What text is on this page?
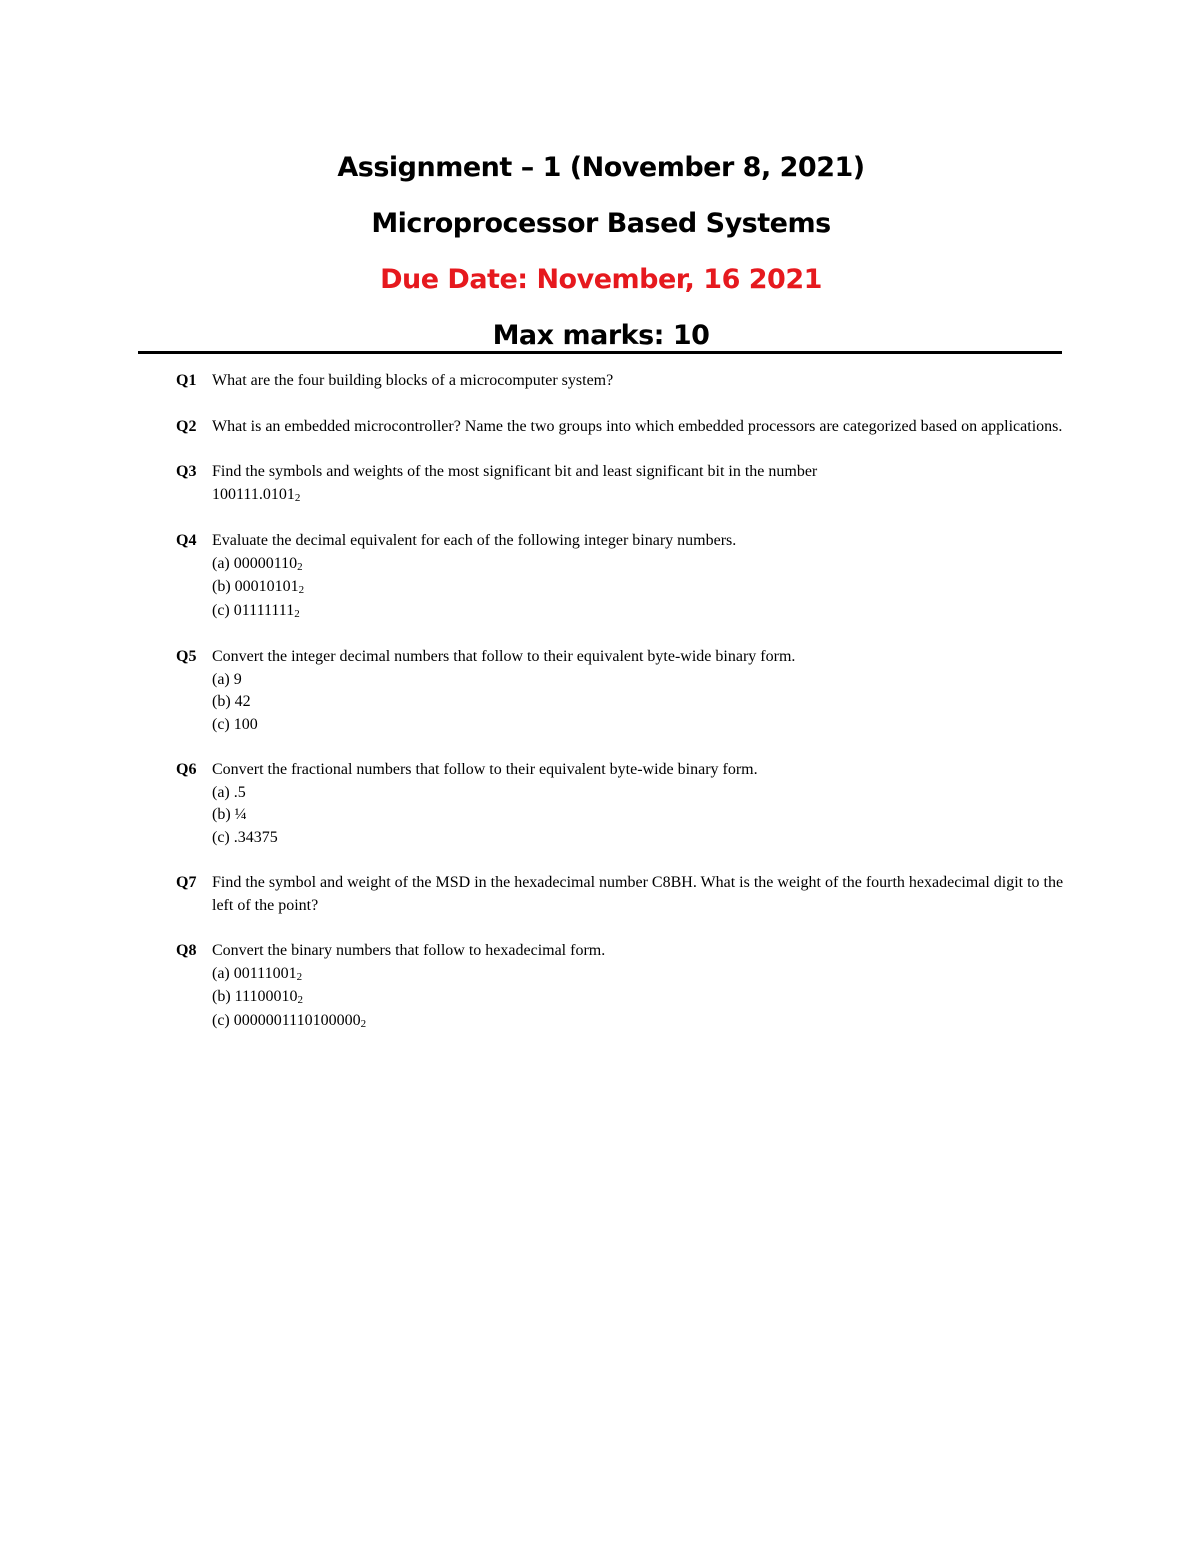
Assignment – 1 (November 8, 2021)
Microprocessor Based Systems
Due Date: November, 16 2021
Max marks: 10
Q1 What are the four building blocks of a microcomputer system?

Q2 What is an embedded microcontroller? Name the two groups into which embedded processors are categorized based on applications.

Q3 Find the symbols and weights of the most significant bit and least significant bit in the number

$100111.0101_2$
Q4 Evaluate the decimal equivalent for each of the following integer binary numbers.

(a) $00000110_2$
(b) $00010101_2$
(c) $01111111_2$
Q5 Convert the integer decimal numbers that follow to their equivalent byte-wide binary form.

(a) 9
(b) 42
(c) 100
Q6 Convert the fractional numbers that follow to their equivalent byte-wide binary form.

(a) .5
(b) ¼
(c) .34375
Q7 Find the symbol and weight of the MSD in the hexadecimal number C8BH. What is the weight of the fourth hexadecimal digit to the left of the point?

Q8 Convert the binary numbers that follow to hexadecimal form.

(a) $00111001_2$
(b) $11100010_2$
(c) $0000001110100000_2$
